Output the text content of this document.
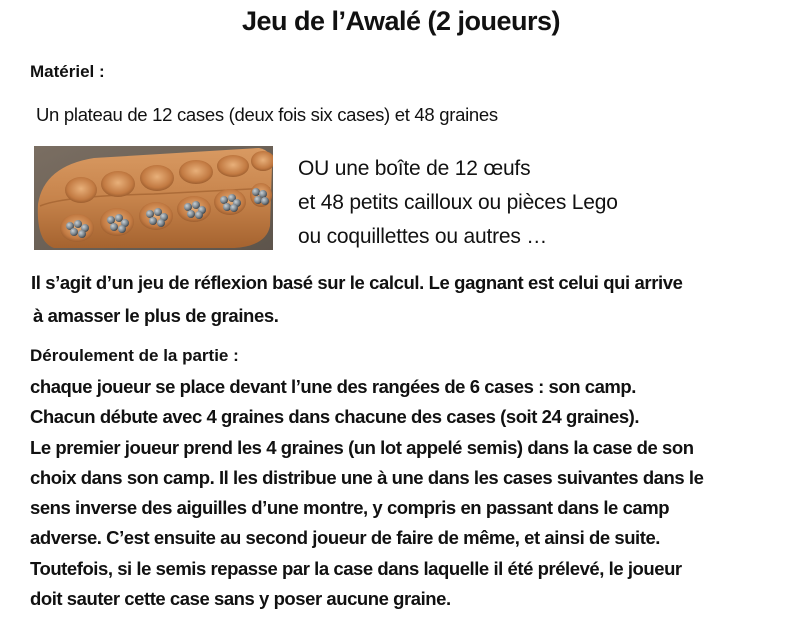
Jeu de l’Awalé (2 joueurs)
Matériel :
Un plateau de 12 cases (deux fois six cases) et 48 graines
OU une boîte de 12 œufs
et 48 petits cailloux ou pièces Lego
ou coquillettes ou autres …
Il s’agit d’un jeu de réflexion basé sur le calcul. Le gagnant est celui qui arrive
à amasser le plus de graines.
Déroulement de la partie :
chaque joueur se place devant l’une des rangées de 6 cases : son camp.
Chacun débute avec 4 graines dans chacune des cases (soit 24 graines).
Le premier joueur prend les 4 graines (un lot appelé semis) dans la case de son
choix dans son camp. Il les distribue une à une dans les cases suivantes dans le
sens inverse des aiguilles d’une montre, y compris en passant dans le camp
adverse. C’est ensuite au second joueur de faire de même, et ainsi de suite.
Toutefois, si le semis repasse par la case dans laquelle il été prélevé, le joueur
doit sauter cette case sans y poser aucune graine.
